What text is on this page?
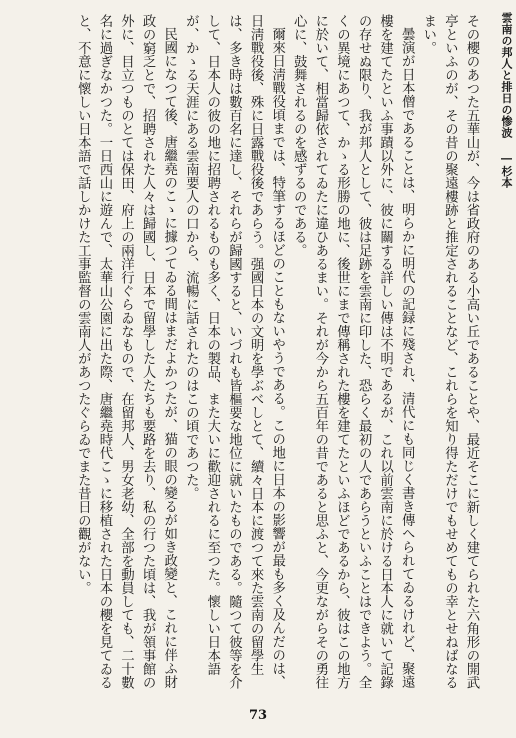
雲南の邦人と排日の惨波 ―杉本

その櫻のあつた五華山が、今は省政府のある小高い丘であることや、最近そこに新しく建てられた六角形の開武亭といふのが、その昔の聚遠樓跡と推定されることなど、これらを知り得ただけでもせめてもの幸とせねばなるまい。

曇演が日本僧であることは、明らかに明代の記録に殘され、清代にも同じく書き傳へられてゐるけれど、聚遠樓を建てたといふ事蹟以外に、彼に關する詳しい傳は不明であるが、これ以前雲南に於ける日本人に就いて記錄の存せぬ限り、我が邦人として、彼は足跡を雲南に印した、恐らく最初の人であらうといふことはできよう。全くの異境にあつて、かゝる形勝の地に、後世にまで傳稱された樓を建てたといふほどであるから、彼はこの地方に於いて、相當歸依されてゐたに違ひあるまい。それが今から五百年の昔であると思ふと、今更ながらその勇往心に、鼓舞されるのを感ずるのである。

爾來日淸戰役頃までは、特筆するほどのこともないやうである。この地に日本の影響が最も多く及んだのは、日淸戰役後、殊に日露戰役後であらう。强國日本の文明を學ぶべしとて、續々日本に渡つて來た雲南の留學生は、多き時は數百名に達し、それらが歸國すると、いづれも皆樞要な地位に就いたものである。隨つて彼等を介して、日本人の彼の地に招聘されるものも多く、日本の製品、また大いに歡迎されるに至つた。懷しい日本語が、かゝる天涯にある雲南要人の口から、流暢に話されたのはこの頃であつた。

民國になつて後、唐繼堯のこゝに據つてゐる間はまだよかつたが、猫の眼の變るが如き政變と、これに伴ふ財政の窮乏とで、招聘された人々は歸國し、日本で留學した人たちも要路を去り、私の行つた頃は、我が領事館の外に、目立つものとては保田、府上の兩洋行ぐらゐなもので、在留邦人、男女老幼、全部を動員しても、二十數名に過ぎなかつた。一日西山に遊んで、太華山公園に出た際、唐繼堯時代こゝに移植された日本の櫻を見てゐると、不意に懷しい日本語で話しかけた工事監督の雲南人があつたぐらゐでまた昔日の觀がない。

73
